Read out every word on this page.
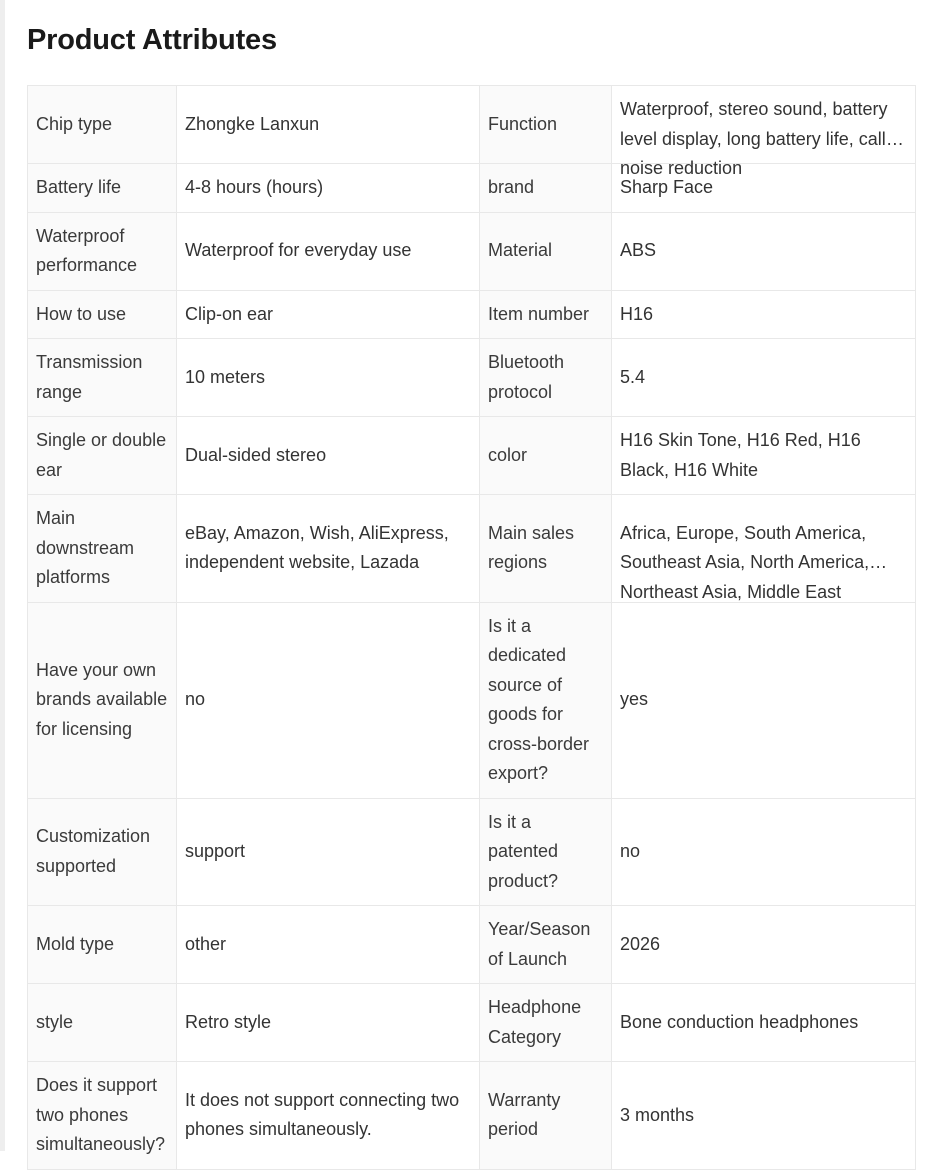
Product Attributes
Chip type	Zhongke Lanxun	Function	Waterproof, stereo sound, battery level display, long battery life, call noise reduction

Battery life	4-8 hours (hours)	brand	Sharp Face
Waterproof performance	Waterproof for everyday use	Material	ABS
How to use	Clip-on ear	Item number	H16
Transmission range	10 meters	Bluetooth protocol	5.4
Single or double ear	Dual-sided stereo	color	H16 Skin Tone, H16 Red, H16 Black, H16 White
Main downstream platforms	eBay, Amazon, Wish, AliExpress, independent website, Lazada	Main sales regions	Africa, Europe, South America, Southeast Asia, North America, Northeast Asia, Middle East

Have your own brands available for licensing	no	Is it a dedicated source of goods for cross-border export?	yes
Customization supported	support	Is it a patented product?	no
Mold type	other	Year/Season of Launch	2026
style	Retro style	Headphone Category	Bone conduction headphones
Does it support two phones simultaneously?	It does not support connecting two phones simultaneously.	Warranty period	3 months
